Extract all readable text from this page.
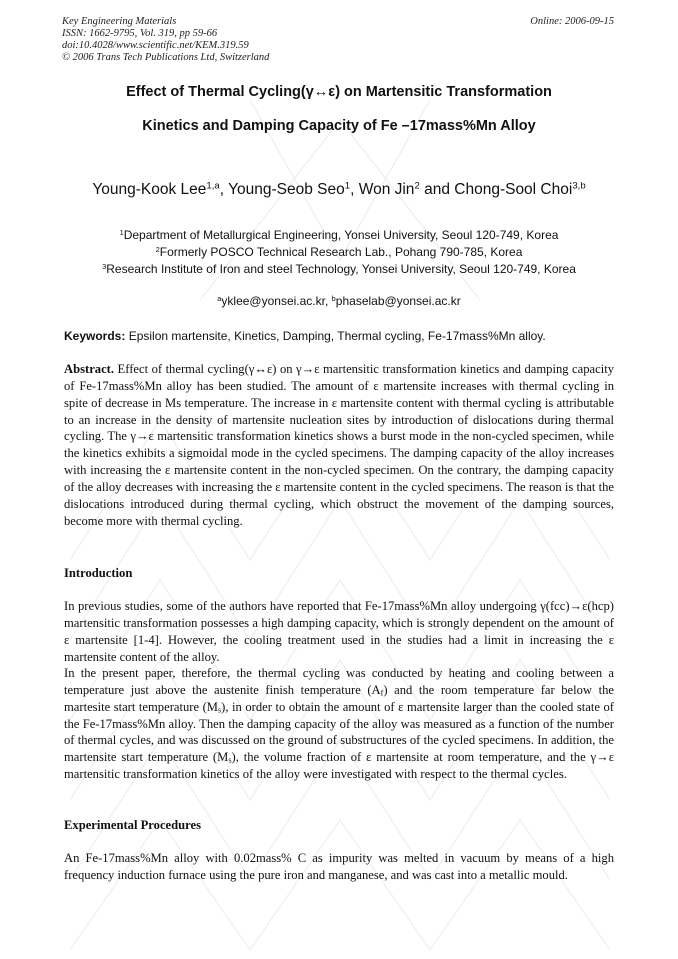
Key Engineering Materials
ISSN: 1662-9795, Vol. 319, pp 59-66
doi:10.4028/www.scientific.net/KEM.319.59
© 2006 Trans Tech Publications Ltd, Switzerland
Online: 2006-09-15
Effect of Thermal Cycling(γ↔ε) on Martensitic Transformation
Kinetics and Damping Capacity of Fe –17mass%Mn Alloy
Young-Kook Lee$^{1,a}$, Young-Seob Seo$^1$, Won Jin$^2$ and Chong-Sool Choi$^{3,b}$
$^1$Department of Metallurgical Engineering, Yonsei University, Seoul 120-749, Korea
$^2$Formerly POSCO Technical Research Lab., Pohang 790-785, Korea
$^3$Research Institute of Iron and steel Technology, Yonsei University, Seoul 120-749, Korea
$^a$yklee@yonsei.ac.kr, $^b$phaselab@yonsei.ac.kr
Keywords: Epsilon martensite, Kinetics, Damping, Thermal cycling, Fe-17mass%Mn alloy.

Abstract. Effect of thermal cycling(γ↔ε) on γ→ε martensitic transformation kinetics and damping capacity of Fe-17mass%Mn alloy has been studied. The amount of ε martensite increases with thermal cycling in spite of decrease in Ms temperature. The increase in ε martensite content with thermal cycling is attributable to an increase in the density of martensite nucleation sites by introduction of dislocations during thermal cycling. The γ→ε martensitic transformation kinetics shows a burst mode in the non-cycled specimen, while the kinetics exhibits a sigmoidal mode in the cycled specimens. The damping capacity of the alloy increases with increasing the ε martensite content in the non-cycled specimen. On the contrary, the damping capacity of the alloy decreases with increasing the ε martensite content in the cycled specimens. The reason is that the dislocations introduced during thermal cycling, which obstruct the movement of the damping sources, become more with thermal cycling.

Introduction

In previous studies, some of the authors have reported that Fe-17mass%Mn alloy undergoing γ(fcc)→ε(hcp) martensitic transformation possesses a high damping capacity, which is strongly dependent on the amount of ε martensite [1-4]. However, the cooling treatment used in the studies had a limit in increasing the ε martensite content of the alloy.

In the present paper, therefore, the thermal cycling was conducted by heating and cooling between a temperature just above the austenite finish temperature $(A_f)$ and the room temperature far below the martesite start temperature $(M_s)$, in order to obtain the amount of ε martensite larger than the cooled state of the Fe-17mass%Mn alloy. Then the damping capacity of the alloy was measured as a function of the number of thermal cycles, and was discussed on the ground of substructures of the cycled specimens. In addition, the martensite start temperature $(M_s)$, the volume fraction of ε martensite at room temperature, and the γ→ε martensitic transformation kinetics of the alloy were investigated with respect to the thermal cycles.

Experimental Procedures

An Fe-17mass%Mn alloy with 0.02mass% C as impurity was melted in vacuum by means of a high frequency induction furnace using the pure iron and manganese, and was cast into a metallic mould.
